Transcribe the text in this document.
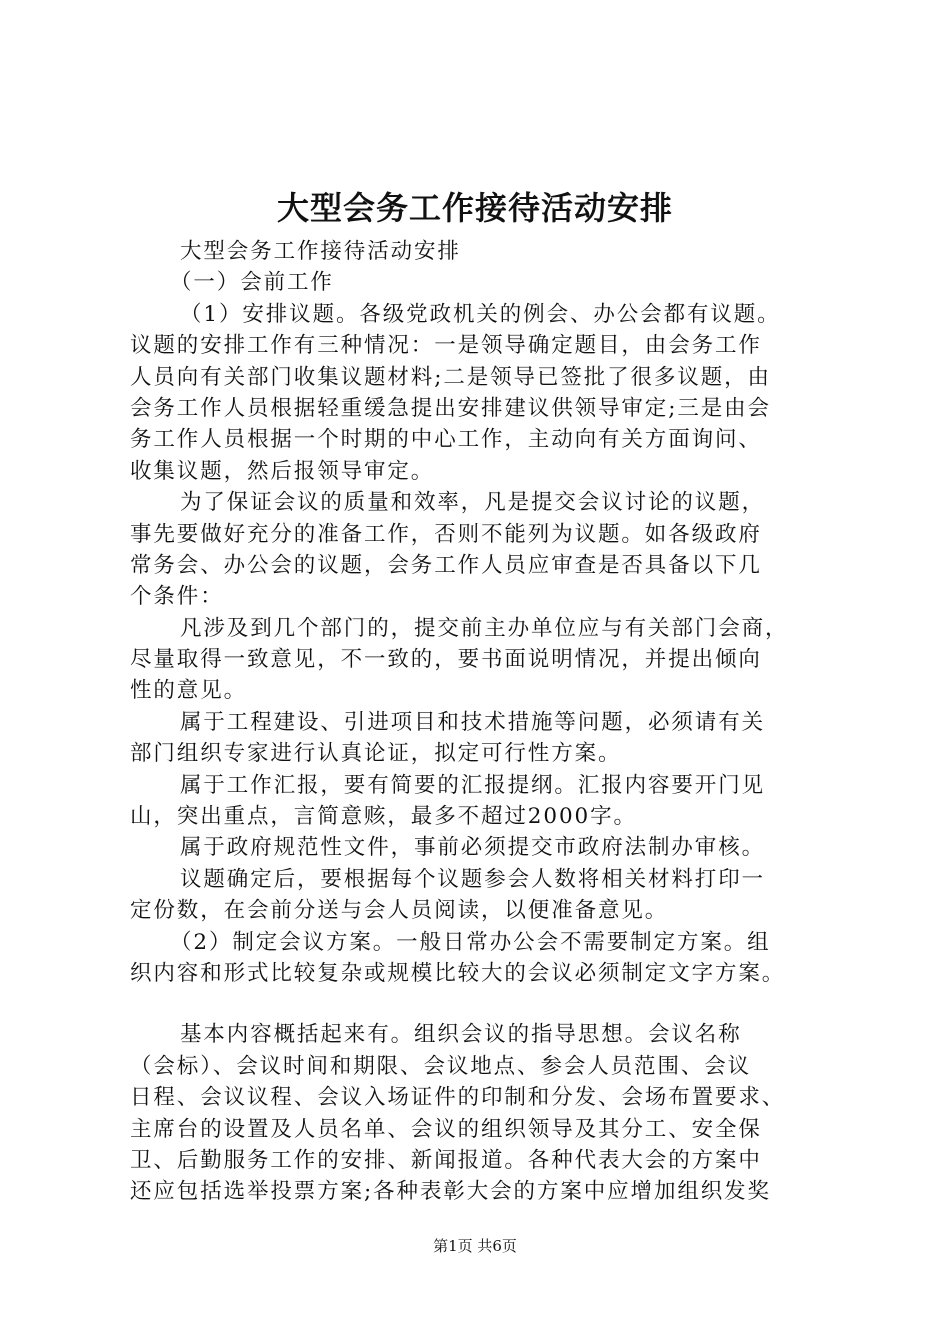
大型会务工作接待活动安排
大型会务工作接待活动安排
（一）会前工作
（1）安排议题。各级党政机关的例会、办公会都有议题。
议题的安排工作有三种情况：一是领导确定题目，由会务工作
人员向有关部门收集议题材料;二是领导已签批了很多议题，由
会务工作人员根据轻重缓急提出安排建议供领导审定;三是由会
务工作人员根据一个时期的中心工作，主动向有关方面询问、
收集议题，然后报领导审定。
为了保证会议的质量和效率，凡是提交会议讨论的议题，
事先要做好充分的准备工作，否则不能列为议题。如各级政府
常务会、办公会的议题，会务工作人员应审查是否具备以下几
个条件：
凡涉及到几个部门的，提交前主办单位应与有关部门会商，
尽量取得一致意见，不一致的，要书面说明情况，并提出倾向
性的意见。
属于工程建设、引进项目和技术措施等问题，必须请有关
部门组织专家进行认真论证，拟定可行性方案。
属于工作汇报，要有简要的汇报提纲。汇报内容要开门见
山，突出重点，言简意赅，最多不超过2000字。
属于政府规范性文件，事前必须提交市政府法制办审核。
议题确定后，要根据每个议题参会人数将相关材料打印一
定份数，在会前分送与会人员阅读，以便准备意见。
（2）制定会议方案。一般日常办公会不需要制定方案。组
织内容和形式比较复杂或规模比较大的会议必须制定文字方案。
基本内容概括起来有。组织会议的指导思想。会议名称
（会标）、会议时间和期限、会议地点、参会人员范围、会议
日程、会议议程、会议入场证件的印制和分发、会场布置要求、
主席台的设置及人员名单、会议的组织领导及其分工、安全保
卫、后勤服务工作的安排、新闻报道。各种代表大会的方案中
还应包括选举投票方案;各种表彰大会的方案中应增加组织发奖
第1页 共6页
